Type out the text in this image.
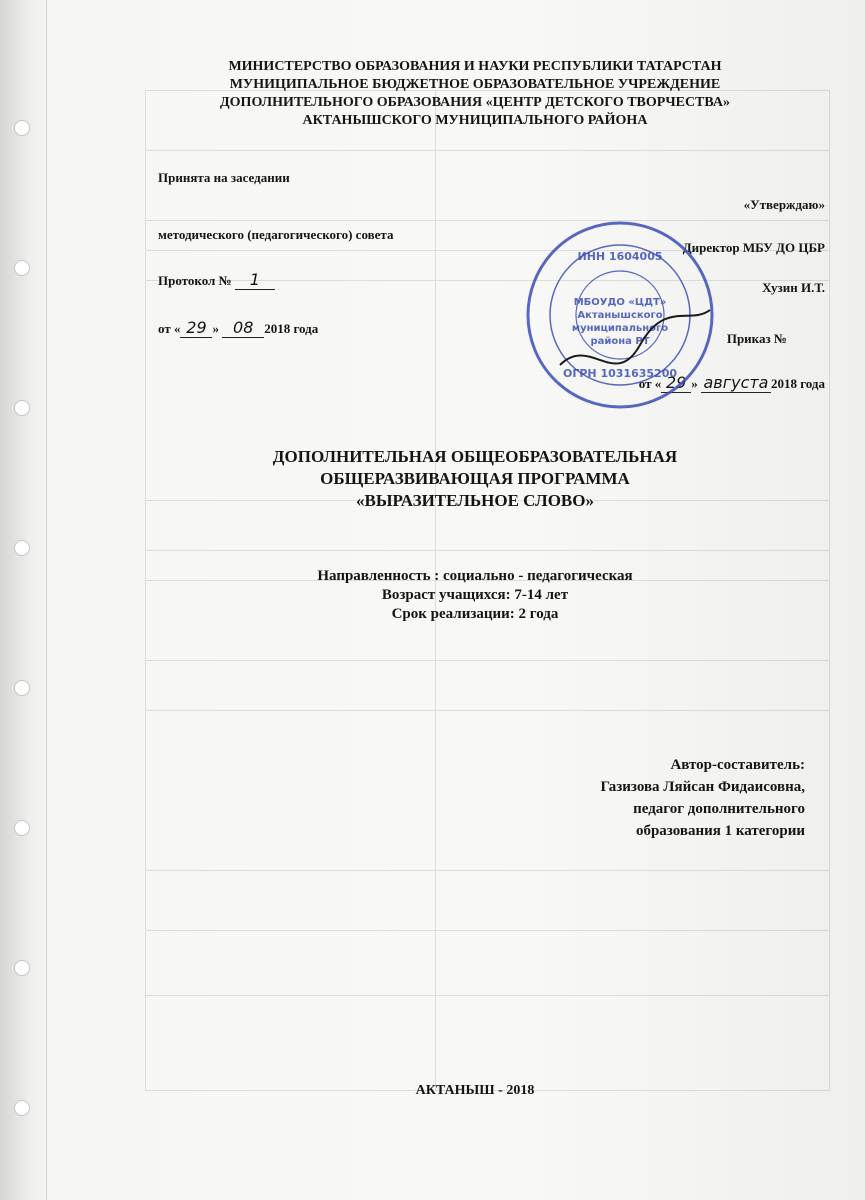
МИНИСТЕРСТВО ОБРАЗОВАНИЯ И НАУКИ РЕСПУБЛИКИ ТАТАРСТАН
МУНИЦИПАЛЬНОЕ БЮДЖЕТНОЕ ОБРАЗОВАТЕЛЬНОЕ УЧРЕЖДЕНИЕ
ДОПОЛНИТЕЛЬНОГО ОБРАЗОВАНИЯ «ЦЕНТР ДЕТСКОГО ТВОРЧЕСТВА»
АКТАНЫШСКОГО МУНИЦИПАЛЬНОГО РАЙОНА
Принята на заседании
методического (педагогического) совета
Протокол № 1
от « 29 » 08 2018 года
«Утверждаю»
Директор МБУ ДО ЦБР
Хузин И.Т.
Приказ №
от « 29 » августа 2018 года
ИНН 1604005
МБОУДО «ЦДТ»
Актанышского
муниципального
района РТ
ОГРН 1031635200
ДОПОЛНИТЕЛЬНАЯ ОБЩЕОБРАЗОВАТЕЛЬНАЯ
ОБЩЕРАЗВИВАЮЩАЯ ПРОГРАММА
«ВЫРАЗИТЕЛЬНОЕ СЛОВО»
Направленность : социально - педагогическая
Возраст учащихся: 7-14 лет
Срок реализации: 2 года
Автор-составитель:
Газизова Ляйсан Фидаисовна,
педагог дополнительного
образования 1 категории
АКТАНЫШ - 2018
